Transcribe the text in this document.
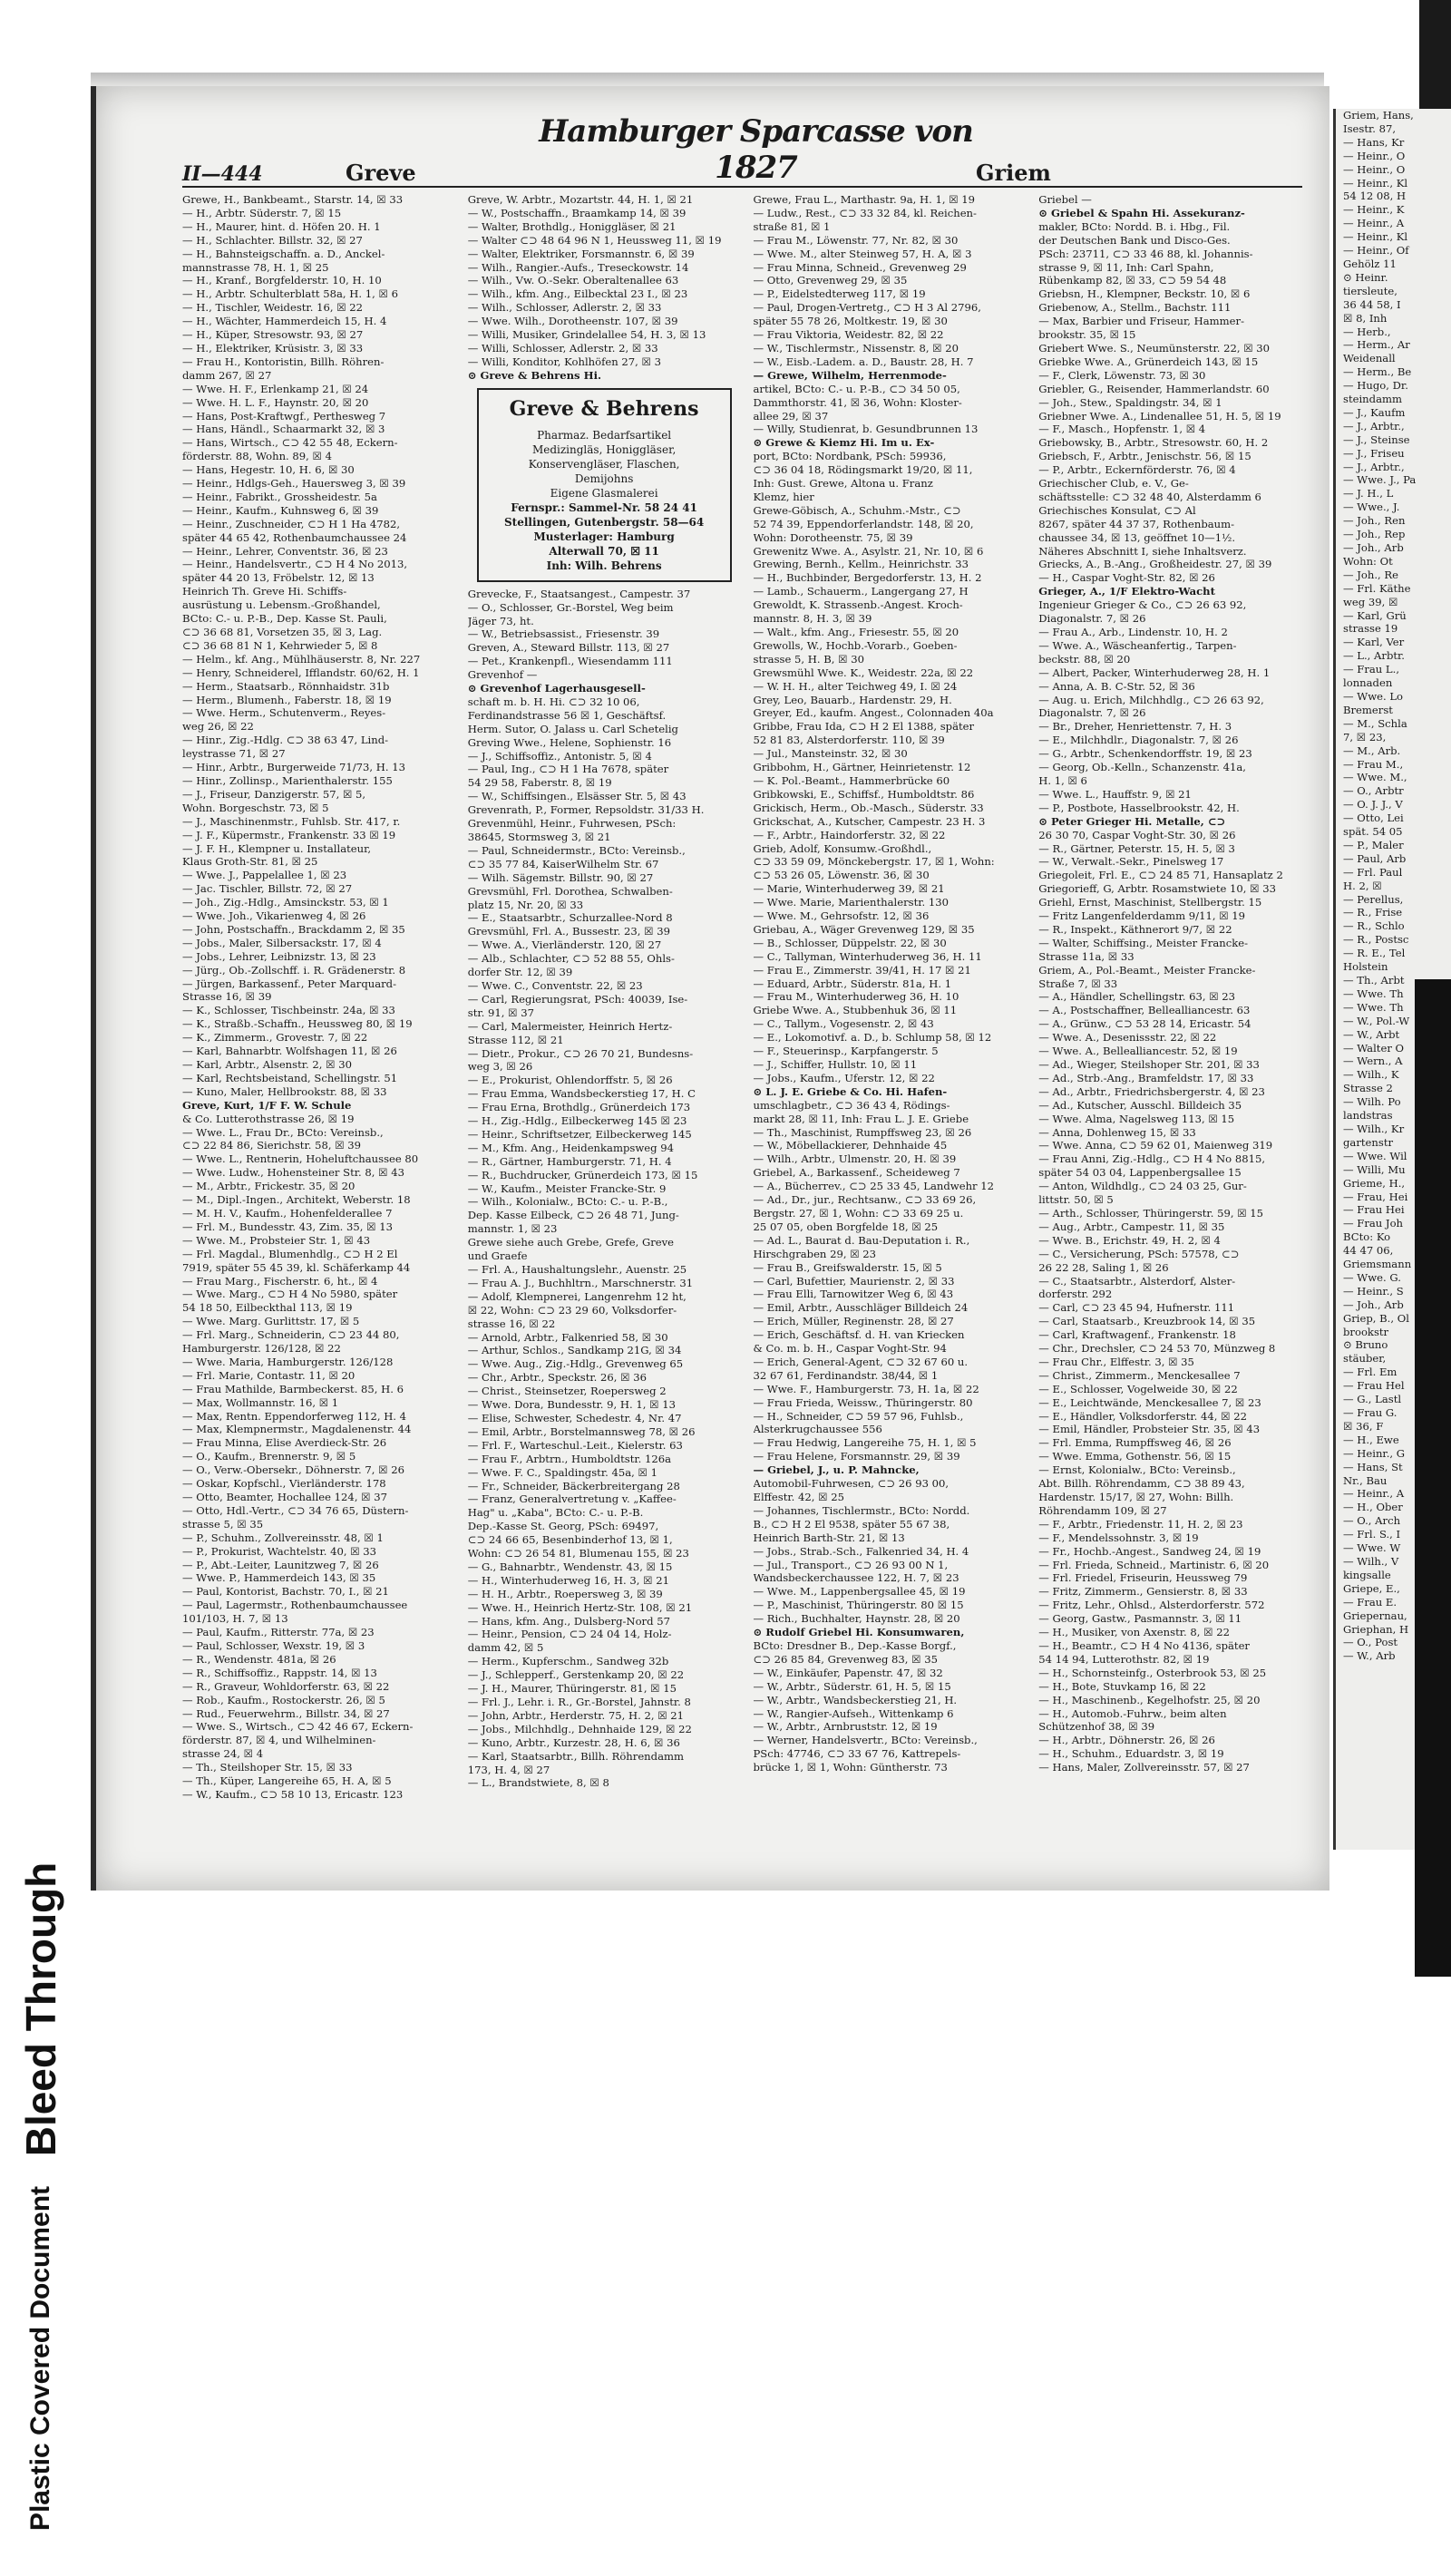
Bleed Through
Plastic Covered Document
II—444	Greve
Hamburger Sparcasse von 1827	Griem

Grewe, H., Bankbeamt., Starstr. 14, ☒ 33

— H., Arbtr. Süderstr. 7, ☒ 15

— H., Maurer, hint. d. Höfen 20. H. 1

— H., Schlachter. Billstr. 32, ☒ 27

— H., Bahnsteigschaffn. a. D., Anckel-

mannstrasse 78, H. 1, ☒ 25

— H., Kranf., Borgfelderstr. 10, H. 10

— H., Arbtr. Schulterblatt 58a, H. 1, ☒ 6

— H., Tischler, Weidestr. 16, ☒ 22

— H., Wächter, Hammerdeich 15, H. 4

— H., Küper, Stresowstr. 93, ☒ 27

— H., Elektriker, Krüsistr. 3, ☒ 33

— Frau H., Kontoristin, Billh. Röhren-

damm 267, ☒ 27

— Wwe. H. F., Erlenkamp 21, ☒ 24

— Wwe. H. L. F., Haynstr. 20, ☒ 20

— Hans, Post-Kraftwgf., Perthesweg 7

— Hans, Händl., Schaarmarkt 32, ☒ 3

— Hans, Wirtsch., ⊂⊃ 42 55 48, Eckern-

förderstr. 88, Wohn. 89, ☒ 4

— Hans, Hegestr. 10, H. 6, ☒ 30

— Heinr., Hdlgs-Geh., Hauersweg 3, ☒ 39

— Heinr., Fabrikt., Grossheidestr. 5a

— Heinr., Kaufm., Kuhnsweg 6, ☒ 39

— Heinr., Zuschneider, ⊂⊃ H 1 Ha 4782,

später 44 65 42, Rothenbaumchaussee 24

— Heinr., Lehrer, Conventstr. 36, ☒ 23

— Heinr., Handelsvertr., ⊂⊃ H 4 No 2013,

später 44 20 13, Fröbelstr. 12, ☒ 13

Heinrich Th. Greve Hi. Schiffs-

ausrüstung u. Lebensm.-Großhandel,

BCto: C.- u. P.-B., Dep. Kasse St. Pauli,

⊂⊃ 36 68 81, Vorsetzen 35, ☒ 3, Lag.

⊂⊃ 36 68 81 N 1, Kehrwieder 5, ☒ 8

— Helm., kf. Ang., Mühlhäuserstr. 8, Nr. 227

— Henry, Schneiderel, Ifflandstr. 60/62, H. 1

— Herm., Staatsarb., Rönnhaidstr. 31b

— Herm., Blumenh., Faberstr. 18, ☒ 19

— Wwe. Herm., Schutenverm., Reyes-

weg 26, ☒ 22

— Hinr., Zig.-Hdlg. ⊂⊃ 38 63 47, Lind-

leystrasse 71, ☒ 27

— Hinr., Arbtr., Burgerweide 71/73, H. 13

— Hinr., Zollinsp., Marienthalerstr. 155

— J., Friseur, Danzigerstr. 57, ☒ 5,

Wohn. Borgeschstr. 73, ☒ 5

— J., Maschinenmstr., Fuhlsb. Str. 417, r.

— J. F., Küpermstr., Frankenstr. 33 ☒ 19

— J. F. H., Klempner u. Installateur,

Klaus Groth-Str. 81, ☒ 25

— Wwe. J., Pappelallee 1, ☒ 23

— Jac. Tischler, Billstr. 72, ☒ 27

— Joh., Zig.-Hdlg., Amsinckstr. 53, ☒ 1

— Wwe. Joh., Vikarienweg 4, ☒ 26

— John, Postschaffn., Brackdamm 2, ☒ 35

— Jobs., Maler, Silbersackstr. 17, ☒ 4

— Jobs., Lehrer, Leibnizstr. 13, ☒ 23

— Jürg., Ob.-Zollschff. i. R. Grädenerstr. 8

— Jürgen, Barkassenf., Peter Marquard-

Strasse 16, ☒ 39

— K., Schlosser, Tischbeinstr. 24a, ☒ 33

— K., Straßb.-Schaffn., Heussweg 80, ☒ 19

— K., Zimmerm., Grovestr. 7, ☒ 22

— Karl, Bahnarbtr. Wolfshagen 11, ☒ 26

— Karl, Arbtr., Alsenstr. 2, ☒ 30

— Karl, Rechtsbeistand, Schellingstr. 51

— Kuno, Maler, Hellbrookstr. 88, ☒ 33

Greve, Kurt, 1/F F. W. Schule

& Co. Lutterothstrasse 26, ☒ 19

— Wwe. L., Frau Dr., BCto: Vereinsb.,

⊂⊃ 22 84 86, Sierichstr. 58, ☒ 39

— Wwe. L., Rentnerin, Hoheluftchaussee 80

— Wwe. Ludw., Hohensteiner Str. 8, ☒ 43

— M., Arbtr., Frickestr. 35, ☒ 20

— M., Dipl.-Ingen., Architekt, Weberstr. 18

— M. H. V., Kaufm., Hohenfelderallee 7

— Frl. M., Bundesstr. 43, Zim. 35, ☒ 13

— Wwe. M., Probsteier Str. 1, ☒ 43

— Frl. Magdal., Blumenhdlg., ⊂⊃ H 2 El

7919, später 55 45 39, kl. Schäferkamp 44

— Frau Marg., Fischerstr. 6, ht., ☒ 4

— Wwe. Marg., ⊂⊃ H 4 No 5980, später

54 18 50, Eilbeckthal 113, ☒ 19

— Wwe. Marg. Gurlittstr. 17, ☒ 5

— Frl. Marg., Schneiderin, ⊂⊃ 23 44 80,

Hamburgerstr. 126/128, ☒ 22

— Wwe. Maria, Hamburgerstr. 126/128

— Frl. Marie, Contastr. 11, ☒ 20

— Frau Mathilde, Barmbeckerst. 85, H. 6

— Max, Wollmannstr. 16, ☒ 1

— Max, Rentn. Eppendorferweg 112, H. 4

— Max, Klempnermstr., Magdalenenstr. 44

— Frau Minna, Elise Averdieck-Str. 26

— O., Kaufm., Brennerstr. 9, ☒ 5

— O., Verw.-Obersekr., Döhnerstr. 7, ☒ 26

— Oskar, Kopfschl., Vierländerstr. 178

— Otto, Beamter, Hochallee 124, ☒ 37

— Otto, Hdl.-Vertr., ⊂⊃ 34 76 65, Düstern-

strasse 5, ☒ 35

— P., Schuhm., Zollvereinsstr. 48, ☒ 1

— P., Prokurist, Wachtelstr. 40, ☒ 33

— P., Abt.-Leiter, Launitzweg 7, ☒ 26

— Wwe. P., Hammerdeich 143, ☒ 35

— Paul, Kontorist, Bachstr. 70, I., ☒ 21

— Paul, Lagermstr., Rothenbaumchaussee

101/103, H. 7, ☒ 13

— Paul, Kaufm., Ritterstr. 77a, ☒ 23

— Paul, Schlosser, Wexstr. 19, ☒ 3

— R., Wendenstr. 481a, ☒ 26

— R., Schiffsoffiz., Rappstr. 14, ☒ 13

— R., Graveur, Wohldorferstr. 63, ☒ 22

— Rob., Kaufm., Rostockerstr. 26, ☒ 5

— Rud., Feuerwehrm., Billstr. 34, ☒ 27

— Wwe. S., Wirtsch., ⊂⊃ 42 46 67, Eckern-

förderstr. 87, ☒ 4, und Wilhelminen-

strasse 24, ☒ 4

— Th., Steilshoper Str. 15, ☒ 33

— Th., Küper, Langereihe 65, H. A, ☒ 5

— W., Kaufm., ⊂⊃ 58 10 13, Ericastr. 123

Greve, W. Arbtr., Mozartstr. 44, H. 1, ☒ 21

— W., Postschaffn., Braamkamp 14, ☒ 39

— Walter, Brothdlg., Honiggläser, ☒ 21

— Walter ⊂⊃ 48 64 96 N 1, Heussweg 11, ☒ 19

— Walter, Elektriker, Forsmannstr. 6, ☒ 39

— Wilh., Rangier.-Aufs., Treseckowstr. 14

— Wilh., Vw. O.-Sekr. Oberaltenallee 63

— Wilh., kfm. Ang., Eilbecktal 23 I., ☒ 23

— Wilh., Schlosser, Adlerstr. 2, ☒ 33

— Wwe. Wilh., Dorotheenstr. 107, ☒ 39

— Willi, Musiker, Grindelallee 54, H. 3, ☒ 13

— Willi, Schlosser, Adlerstr. 2, ☒ 33

— Willi, Konditor, Kohlhöfen 27, ☒ 3

⊙ Greve & Behrens Hi.

Greve & Behrens
Pharmaz. Bedarfsartikel
Medizingläs, Honiggläser,
Konservengläser, Flaschen,
Demijohns
Eigene Glasmalerei
Fernspr.: Sammel-Nr. 58 24 41
Stellingen, Gutenbergstr. 58—64
Musterlager: Hamburg
Alterwall 70, ☒ 11
Inh: Wilh. Behrens

Grevecke, F., Staatsangest., Campestr. 37

— O., Schlosser, Gr.-Borstel, Weg beim

Jäger 73, ht.

— W., Betriebsassist., Friesenstr. 39

Greven, A., Steward Billstr. 113, ☒ 27

— Pet., Krankenpfl., Wiesendamm 111

Grevenhof —

⊙ Grevenhof Lagerhausgesell-

schaft m. b. H. Hi. ⊂⊃ 32 10 06,

Ferdinandstrasse 56 ☒ 1, Geschäftsf.

Herm. Sutor, O. Jalass u. Carl Schetelig

Greving Wwe., Helene, Sophienstr. 16

— J., Schiffsoffiz., Antonistr. 5, ☒ 4

— Paul, Ing., ⊂⊃ H 1 Ha 7678, später

54 29 58, Faberstr. 8, ☒ 19

— W., Schiffsingen., Elsässer Str. 5, ☒ 43

Grevenrath, P., Former, Repsoldstr. 31/33 H.

Grevenmühl, Heinr., Fuhrwesen, PSch:

38645, Stormsweg 3, ☒ 21

— Paul, Schneidermstr., BCto: Vereinsb.,

⊂⊃ 35 77 84, KaiserWilhelm Str. 67

— Wilh. Sägemstr. Billstr. 90, ☒ 27

Grevsmühl, Frl. Dorothea, Schwalben-

platz 15, Nr. 20, ☒ 33

— E., Staatsarbtr., Schurzallee-Nord 8

Grevsmühl, Frl. A., Bussestr. 23, ☒ 39

— Wwe. A., Vierländerstr. 120, ☒ 27

— Alb., Schlachter, ⊂⊃ 52 88 55, Ohls-

dorfer Str. 12, ☒ 39

— Wwe. C., Conventstr. 22, ☒ 23

— Carl, Regierungsrat, PSch: 40039, Ise-

str. 91, ☒ 37

— Carl, Malermeister, Heinrich Hertz-

Strasse 112, ☒ 21

— Dietr., Prokur., ⊂⊃ 26 70 21, Bundesns-

weg 3, ☒ 26

— E., Prokurist, Ohlendorffstr. 5, ☒ 26

— Frau Emma, Wandsbeckerstieg 17, H. C

— Frau Erna, Brothdlg., Grünerdeich 173

— H., Zig.-Hdlg., Eilbeckerweg 145 ☒ 23

— Heinr., Schriftsetzer, Eilbeckerweg 145

— M., Kfm. Ang., Heidenkampsweg 94

— R., Gärtner, Hamburgerstr. 71, H. 4

— R., Buchdrucker, Grünerdeich 173, ☒ 15

— W., Kaufm., Meister Francke-Str. 9

— Wilh., Kolonialw., BCto: C.- u. P.-B.,

Dep. Kasse Eilbeck, ⊂⊃ 26 48 71, Jung-

mannstr. 1, ☒ 23

Grewe siehe auch Grebe, Grefe, Greve

und Graefe

— Frl. A., Haushaltungslehr., Auenstr. 25

— Frau A. J., Buchhltrn., Marschnerstr. 31

— Adolf, Klempnerei, Langenrehm 12 ht,

☒ 22, Wohn: ⊂⊃ 23 29 60, Volksdorfer-

strasse 16, ☒ 22

— Arnold, Arbtr., Falkenried 58, ☒ 30

— Arthur, Schlos., Sandkamp 21G, ☒ 34

— Wwe. Aug., Zig.-Hdlg., Grevenweg 65

— Chr., Arbtr., Speckstr. 26, ☒ 36

— Christ., Steinsetzer, Roepersweg 2

— Wwe. Dora, Bundesstr. 9, H. 1, ☒ 13

— Elise, Schwester, Schedestr. 4, Nr. 47

— Emil, Arbtr., Borstelmannsweg 78, ☒ 26

— Frl. F., Warteschul.-Leit., Kielerstr. 63

— Frau F., Arbtrn., Humboldtstr. 126a

— Wwe. F. C., Spaldingstr. 45a, ☒ 1

— Fr., Schneider, Bäckerbreitergang 28

— Franz, Generalvertretung v. „Kaffee-

Hag" u. „Kaba", BCto: C.- u. P.-B.

Dep.-Kasse St. Georg, PSch: 69497,

⊂⊃ 24 66 65, Besenbinderhof 13, ☒ 1,

Wohn: ⊂⊃ 26 54 81, Blumenau 155, ☒ 23

— G., Bahnarbtr., Wendenstr. 43, ☒ 15

— H., Winterhuderweg 16, H. 3, ☒ 21

— H. H., Arbtr., Roepersweg 3, ☒ 39

— Wwe. H., Heinrich Hertz-Str. 108, ☒ 21

— Hans, kfm. Ang., Dulsberg-Nord 57

— Heinr., Pension, ⊂⊃ 24 04 14, Holz-

damm 42, ☒ 5

— Herm., Kupferschm., Sandweg 32b

— J., Schlepperf., Gerstenkamp 20, ☒ 22

— J. H., Maurer, Thüringerstr. 81, ☒ 15

— Frl. J., Lehr. i. R., Gr.-Borstel, Jahnstr. 8

— John, Arbtr., Herderstr. 75, H. 2, ☒ 21

— Jobs., Milchhdlg., Dehnhaide 129, ☒ 22

— Kuno, Arbtr., Kurzestr. 28, H. 6, ☒ 36

— Karl, Staatsarbtr., Billh. Röhrendamm

173, H. 4, ☒ 27

— L., Brandstwiete, 8, ☒ 8

Grewe, Frau L., Marthastr. 9a, H. 1, ☒ 19

— Ludw., Rest., ⊂⊃ 33 32 84, kl. Reichen-

straße 81, ☒ 1

— Frau M., Löwenstr. 77, Nr. 82, ☒ 30

— Wwe. M., alter Steinweg 57, H. A, ☒ 3

— Frau Minna, Schneid., Grevenweg 29

— Otto, Grevenweg 29, ☒ 35

— P., Eidelstedterweg 117, ☒ 19

— Paul, Drogen-Vertretg., ⊂⊃ H 3 Al 2796,

später 55 78 26, Moltkestr. 19, ☒ 30

— Frau Viktoria, Weidestr. 82, ☒ 22

— W., Tischlermstr., Nissenstr. 8, ☒ 20

— W., Eisb.-Ladem. a. D., Baustr. 28, H. 7

— Grewe, Wilhelm, Herrenmode-

artikel, BCto: C.- u. P.-B., ⊂⊃ 34 50 05,

Dammthorstr. 41, ☒ 36, Wohn: Kloster-

allee 29, ☒ 37

— Willy, Studienrat, b. Gesundbrunnen 13

⊙ Grewe & Kiemz Hi. Im u. Ex-

port, BCto: Nordbank, PSch: 59936,

⊂⊃ 36 04 18, Rödingsmarkt 19/20, ☒ 11,

Inh: Gust. Grewe, Altona u. Franz

Klemz, hier

Grewe-Göbisch, A., Schuhm.-Mstr., ⊂⊃

52 74 39, Eppendorferlandstr. 148, ☒ 20,

Wohn: Dorotheenstr. 75, ☒ 39

Grewenitz Wwe. A., Asylstr. 21, Nr. 10, ☒ 6

Grewing, Bernh., Kellm., Heinrichstr. 33

— H., Buchbinder, Bergedorferstr. 13, H. 2

— Lamb., Schauerm., Langergang 27, H

Grewoldt, K. Strassenb.-Angest. Kroch-

mannstr. 8, H. 3, ☒ 39

— Walt., kfm. Ang., Friesestr. 55, ☒ 20

Grewolls, W., Hochb.-Vorarb., Goeben-

strasse 5, H. B, ☒ 30

Grewsmühl Wwe. K., Weidestr. 22a, ☒ 22

— W. H. H., alter Teichweg 49, I. ☒ 24

Grey, Leo, Bauarb., Hardenstr. 29, H.

Greyer, Ed., kaufm. Angest., Colonnaden 40a

Gribbe, Frau Ida, ⊂⊃ H 2 El 1388, später

52 81 83, Alsterdorferstr. 110, ☒ 39

— Jul., Mansteinstr. 32, ☒ 30

Gribbohm, H., Gärtner, Heinrietenstr. 12

— K. Pol.-Beamt., Hammerbrücke 60

Gribkowski, E., Schiffsf., Humboldtstr. 86

Grickisch, Herm., Ob.-Masch., Süderstr. 33

Grickschat, A., Kutscher, Campestr. 23 H. 3

— F., Arbtr., Haindorferstr. 32, ☒ 22

Grieb, Adolf, Konsumw.-Großhdl.,

⊂⊃ 33 59 09, Mönckebergstr. 17, ☒ 1, Wohn:

⊂⊃ 53 26 05, Löwenstr. 36, ☒ 30

— Marie, Winterhuderweg 39, ☒ 21

— Wwe. Marie, Marienthalerstr. 130

— Wwe. M., Gehrsofstr. 12, ☒ 36

Griebau, A., Wäger Grevenweg 129, ☒ 35

— B., Schlosser, Düppelstr. 22, ☒ 30

— C., Tallyman, Winterhuderweg 36, H. 11

— Frau E., Zimmerstr. 39/41, H. 17 ☒ 21

— Eduard, Arbtr., Süderstr. 81a, H. 1

— Frau M., Winterhuderweg 36, H. 10

Griebe Wwe. A., Stubbenhuk 36, ☒ 11

— C., Tallym., Vogesenstr. 2, ☒ 43

— E., Lokomotivf. a. D., b. Schlump 58, ☒ 12

— F., Steuerinsp., Karpfangerstr. 5

— J., Schiffer, Hullstr. 10, ☒ 11

— Jobs., Kaufm., Uferstr. 12, ☒ 22

⊙ L. J. E. Griebe & Co. Hi. Hafen-

umschlagbetr., ⊂⊃ 36 43 4, Rödings-

markt 28, ☒ 11, Inh: Frau L. J. E. Griebe

— Th., Maschinist, Rumpffsweg 23, ☒ 26

— W., Möbellackierer, Dehnhaide 45

— Wilh., Arbtr., Ulmenstr. 20, H. ☒ 39

Griebel, A., Barkassenf., Scheideweg 7

— A., Bücherrev., ⊂⊃ 25 33 45, Landwehr 12

— Ad., Dr., jur., Rechtsanw., ⊂⊃ 33 69 26,

Bergstr. 27, ☒ 1, Wohn: ⊂⊃ 33 69 25 u.

25 07 05, oben Borgfelde 18, ☒ 25

— Ad. L., Baurat d. Bau-Deputation i. R.,

Hirschgraben 29, ☒ 23

— Frau B., Greifswalderstr. 15, ☒ 5

— Carl, Bufettier, Maurienstr. 2, ☒ 33

— Frau Elli, Tarnowitzer Weg 6, ☒ 43

— Emil, Arbtr., Ausschläger Billdeich 24

— Erich, Müller, Reginenstr. 28, ☒ 27

— Erich, Geschäftsf. d. H. van Kriecken

& Co. m. b. H., Caspar Voght-Str. 94

— Erich, General-Agent, ⊂⊃ 32 67 60 u.

32 67 61, Ferdinandstr. 38/44, ☒ 1

— Wwe. F., Hamburgerstr. 73, H. 1a, ☒ 22

— Frau Frieda, Weissw., Thüringerstr. 80

— H., Schneider, ⊂⊃ 59 57 96, Fuhlsb.,

Alsterkrugchaussee 556

— Frau Hedwig, Langereihe 75, H. 1, ☒ 5

— Frau Helene, Forsmannstr. 29, ☒ 39

— Griebel, J., u. P. Mahncke,

Automobil-Fuhrwesen, ⊂⊃ 26 93 00,

Elffestr. 42, ☒ 25

— Johannes, Tischlermstr., BCto: Nordd.

B., ⊂⊃ H 2 El 9538, später 55 67 38,

Heinrich Barth-Str. 21, ☒ 13

— Jobs., Strab.-Sch., Falkenried 34, H. 4

— Jul., Transport., ⊂⊃ 26 93 00 N 1,

Wandsbeckerchaussee 122, H. 7, ☒ 23

— Wwe. M., Lappenbergsallee 45, ☒ 19

— P., Maschinist, Thüringerstr. 80 ☒ 15

— Rich., Buchhalter, Haynstr. 28, ☒ 20

⊙ Rudolf Griebel Hi. Konsumwaren,

BCto: Dresdner B., Dep.-Kasse Borgf.,

⊂⊃ 26 85 84, Grevenweg 83, ☒ 35

— W., Einkäufer, Papenstr. 47, ☒ 32

— W., Arbtr., Süderstr. 61, H. 5, ☒ 15

— W., Arbtr., Wandsbeckerstieg 21, H.

— W., Rangier-Aufseh., Wittenkamp 6

— W., Arbtr., Arnbruststr. 12, ☒ 19

— Werner, Handelsvertr., BCto: Vereinsb.,

PSch: 47746, ⊂⊃ 33 67 76, Kattrepels-

brücke 1, ☒ 1, Wohn: Güntherstr. 73

Griebel —

⊙ Griebel & Spahn Hi. Assekuranz-

makler, BCto: Nordd. B. i. Hbg., Fil.

der Deutschen Bank und Disco-Ges.

PSch: 23711, ⊂⊃ 33 46 88, kl. Johannis-

strasse 9, ☒ 11, Inh: Carl Spahn,

Rübenkamp 82, ☒ 33, ⊂⊃ 59 54 48

Griebsn, H., Klempner, Beckstr. 10, ☒ 6

Griebenow, A., Stellm., Bachstr. 111

— Max, Barbier und Friseur, Hammer-

brookstr. 35, ☒ 15

Griebert Wwe. S., Neumünsterstr. 22, ☒ 30

Griebke Wwe. A., Grünerdeich 143, ☒ 15

— F., Clerk, Löwenstr. 73, ☒ 30

Griebler, G., Reisender, Hammerlandstr. 60

— Joh., Stew., Spaldingstr. 34, ☒ 1

Griebner Wwe. A., Lindenallee 51, H. 5, ☒ 19

— F., Masch., Hopfenstr. 1, ☒ 4

Griebowsky, B., Arbtr., Stresowstr. 60, H. 2

Griebsch, F., Arbtr., Jenischstr. 56, ☒ 15

— P., Arbtr., Eckernförderstr. 76, ☒ 4

Griechischer Club, e. V., Ge-

schäftsstelle: ⊂⊃ 32 48 40, Alsterdamm 6

Griechisches Konsulat, ⊂⊃ Al

8267, später 44 37 37, Rothenbaum-

chaussee 34, ☒ 13, geöffnet 10—1½.

Näheres Abschnitt I, siehe Inhaltsverz.

Griecks, A., B.-Ang., Großheidestr. 27, ☒ 39

— H., Caspar Voght-Str. 82, ☒ 26

Grieger, A., 1/F Elektro-Wacht

Ingenieur Grieger & Co., ⊂⊃ 26 63 92,

Diagonalstr. 7, ☒ 26

— Frau A., Arb., Lindenstr. 10, H. 2

— Wwe. A., Wäscheanfertig., Tarpen-

beckstr. 88, ☒ 20

— Albert, Packer, Winterhuderweg 28, H. 1

— Anna, A. B. C-Str. 52, ☒ 36

— Aug. u. Erich, Milchhdlg., ⊂⊃ 26 63 92,

Diagonalstr. 7, ☒ 26

— Br., Dreher, Henriettenstr. 7, H. 3

— E., Milchhdlr., Diagonalstr. 7, ☒ 26

— G., Arbtr., Schenkendorffstr. 19, ☒ 23

— Georg, Ob.-Kelln., Schanzenstr. 41a,

H. 1, ☒ 6

— Wwe. L., Hauffstr. 9, ☒ 21

— P., Postbote, Hasselbrookstr. 42, H.

⊙ Peter Grieger Hi. Metalle, ⊂⊃

26 30 70, Caspar Voght-Str. 30, ☒ 26

— R., Gärtner, Peterstr. 15, H. 5, ☒ 3

— W., Verwalt.-Sekr., Pinelsweg 17

Griegoleit, Frl. E., ⊂⊃ 24 85 71, Hansaplatz 2

Griegorieff, G, Arbtr. Rosamstwiete 10, ☒ 33

Griehl, Ernst, Maschinist, Stellbergstr. 15

— Fritz Langenfelderdamm 9/11, ☒ 19

— R., Inspekt., Käthnerort 9/7, ☒ 22

— Walter, Schiffsing., Meister Francke-

Strasse 11a, ☒ 33

Griem, A., Pol.-Beamt., Meister Francke-

Straße 7, ☒ 33

— A., Händler, Schellingstr. 63, ☒ 23

— A., Postschaffner, Bellealliancestr. 63

— A., Grünw., ⊂⊃ 53 28 14, Ericastr. 54

— Wwe. A., Desenissstr. 22, ☒ 22

— Wwe. A., Bellealliancestr. 52, ☒ 19

— Ad., Wieger, Steilshoper Str. 201, ☒ 33

— Ad., Strb.-Ang., Bramfeldstr. 17, ☒ 33

— Ad., Arbtr., Friedrichsbergerstr. 4, ☒ 23

— Ad., Kutscher, Ausschl. Billdeich 35

— Wwe. Alma, Nagelsweg 113, ☒ 15

— Anna, Dohlenweg 15, ☒ 33

— Wwe. Anna, ⊂⊃ 59 62 01, Maienweg 319

— Frau Anni, Zig.-Hdlg., ⊂⊃ H 4 No 8815,

später 54 03 04, Lappenbergsallee 15

— Anton, Wildhdlg., ⊂⊃ 24 03 25, Gur-

littstr. 50, ☒ 5

— Arth., Schlosser, Thüringerstr. 59, ☒ 15

— Aug., Arbtr., Campestr. 11, ☒ 35

— Wwe. B., Erichstr. 49, H. 2, ☒ 4

— C., Versicherung, PSch: 57578, ⊂⊃

26 22 28, Saling 1, ☒ 26

— C., Staatsarbtr., Alsterdorf, Alster-

dorferstr. 292

— Carl, ⊂⊃ 23 45 94, Hufnerstr. 111

— Carl, Staatsarb., Kreuzbrook 14, ☒ 35

— Carl, Kraftwagenf., Frankenstr. 18

— Chr., Drechsler, ⊂⊃ 24 53 70, Münzweg 8

— Frau Chr., Elffestr. 3, ☒ 35

— Christ., Zimmerm., Menckesallee 7

— E., Schlosser, Vogelweide 30, ☒ 22

— E., Leichtwände, Menckesallee 7, ☒ 23

— E., Händler, Volksdorferstr. 44, ☒ 22

— Emil, Händler, Probsteier Str. 35, ☒ 43

— Frl. Emma, Rumpffsweg 46, ☒ 26

— Wwe. Emma, Gothenstr. 56, ☒ 15

— Ernst, Kolonialw., BCto: Vereinsb.,

Abt. Billh. Röhrendamm, ⊂⊃ 38 89 43,

Hardenstr. 15/17, ☒ 27, Wohn: Billh.

Röhrendamm 109, ☒ 27

— F., Arbtr., Friedenstr. 11, H. 2, ☒ 23

— F., Mendelssohnstr. 3, ☒ 19

— Fr., Hochb.-Angest., Sandweg 24, ☒ 19

— Frl. Frieda, Schneid., Martinistr. 6, ☒ 20

— Frl. Friedel, Friseurin, Heussweg 79

— Fritz, Zimmerm., Gensierstr. 8, ☒ 33

— Fritz, Lehr., Ohlsd., Alsterdorferstr. 572

— Georg, Gastw., Pasmannstr. 3, ☒ 11

— H., Musiker, von Axenstr. 8, ☒ 22

— H., Beamtr., ⊂⊃ H 4 No 4136, später

54 14 94, Lutterothstr. 82, ☒ 19

— H., Schornsteinfg., Osterbrook 53, ☒ 25

— H., Bote, Stuvkamp 16, ☒ 22

— H., Maschinenb., Kegelhofstr. 25, ☒ 20

— H., Automob.-Fuhrw., beim alten

Schützenhof 38, ☒ 39

— H., Arbtr., Döhnerstr. 26, ☒ 26

— H., Schuhm., Eduardstr. 3, ☒ 19

— Hans, Maler, Zollvereinsstr. 57, ☒ 27

Griem, Hans,

Isestr. 87,

— Hans, Kr

— Heinr., O

— Heinr., O

— Heinr., Kl

54 12 08, H

— Heinr., K

— Heinr., A

— Heinr., Kl

— Heinr., Of

Gehölz 11

⊙ Heinr.

tiersleute,

36 44 58, I

☒ 8, Inh

— Herb.,

— Herm., Ar

Weidenall

— Herm., Be

— Hugo, Dr.

steindamm

— J., Kaufm

— J., Arbtr.,

— J., Steinse

— J., Friseu

— J., Arbtr.,

— Wwe. J., Pa

— J. H., L

— Wwe., J.

— Joh., Ren

— Joh., Rep

— Joh., Arb

Wohn: Ot

— Joh., Re

— Frl. Käthe

weg 39, ☒

— Karl, Grü

strasse 19

— Karl, Ver

— L., Arbtr.

— Frau L.,

lonnaden

— Wwe. Lo

Bremerst

— M., Schla

7, ☒ 23,

— M., Arb.

— Frau M.,

— Wwe. M.,

— O., Arbtr

— O. J. J., V

— Otto, Lei

spät. 54 05

— P., Maler

— Paul, Arb

— Frl. Paul

H. 2, ☒

— Perellus,

— R., Frise

— R., Schlo

— R., Postsc

— R. E., Tel

Holstein

— Th., Arbt

— Wwe. Th

— Wwe. Th

— W., Pol.-W

— W., Arbt

— Walter O

— Wern., A

— Wilh., K

Strasse 2

— Wilh. Po

landstras

— Wilh., Kr

gartenstr

— Wwe. Wil

— Willi, Mu

Grieme, H.,

— Frau, Hei

— Frau Hei

— Frau Joh

BCto: Ko

44 47 06,

Griemsmann

— Wwe. G.

— Heinr., S

— Joh., Arb

Griep, B., Ol

brookstr

⊙ Bruno

stäuber,

— Frl. Em

— Frau Hel

— G., Lastl

— Frau G.

☒ 36, F

— H., Ewe

— Heinr., G

— Hans, St

Nr., Bau

— Heinr., A

— H., Ober

— O., Arch

— Frl. S., I

— Wwe. W

— Wilh., V

kingsalle

Griepe, E.,

— Frau E.

Griepernau,

Griephan, H

— O., Post

— W., Arb
